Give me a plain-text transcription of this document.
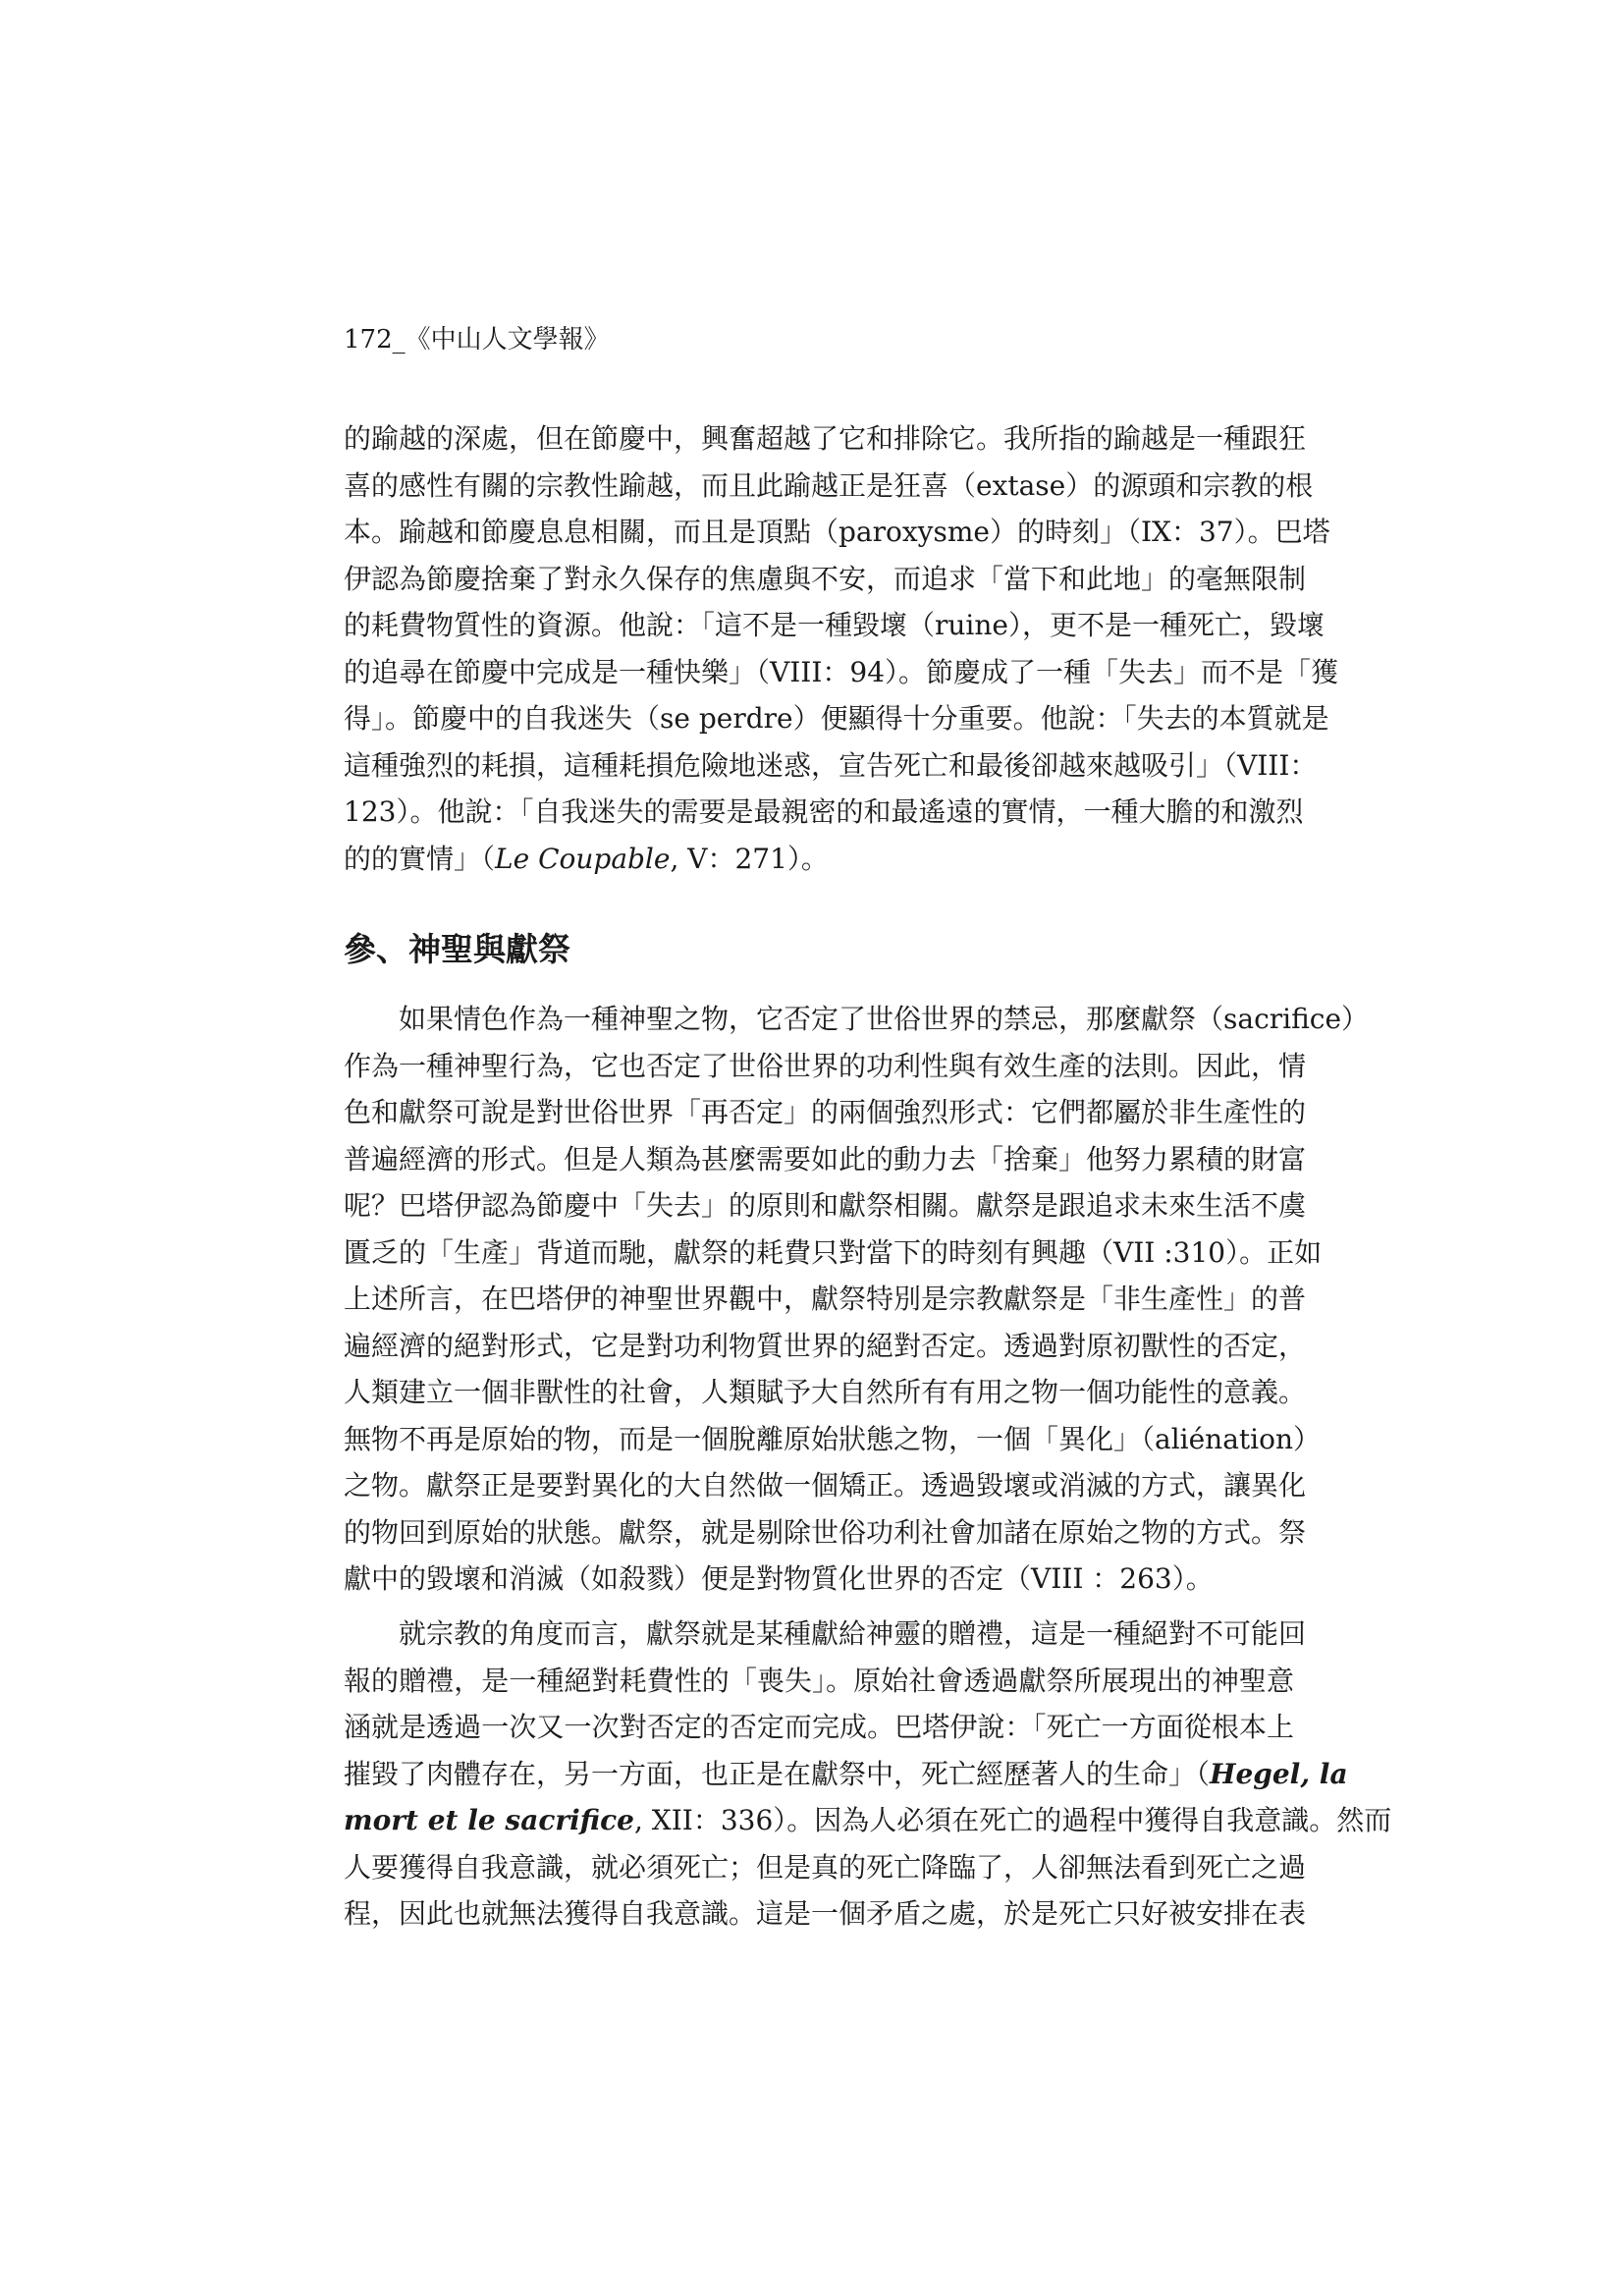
172_《中山人文學報》
的踰越的深處，但在節慶中，興奮超越了它和排除它。我所指的踰越是一種跟狂
喜的感性有關的宗教性踰越，而且此踰越正是狂喜（extase）的源頭和宗教的根
本。踰越和節慶息息相關，而且是頂點（paroxysme）的時刻」（IX：37）。巴塔
伊認為節慶捨棄了對永久保存的焦慮與不安，而追求「當下和此地」的毫無限制
的耗費物質性的資源。他說：「這不是一種毀壞（ruine），更不是一種死亡，毀壞
的追尋在節慶中完成是一種快樂」（VIII：94）。節慶成了一種「失去」而不是「獲
得」。節慶中的自我迷失（se perdre）便顯得十分重要。他說：「失去的本質就是
這種強烈的耗損，這種耗損危險地迷惑，宣告死亡和最後卻越來越吸引」（VIII：
123）。他說：「自我迷失的需要是最親密的和最遙遠的實情，一種大膽的和激烈
的的實情」（Le Coupable, V：271）。
參、神聖與獻祭
如果情色作為一種神聖之物，它否定了世俗世界的禁忌，那麼獻祭（sacrifice）
作為一種神聖行為，它也否定了世俗世界的功利性與有效生產的法則。因此，情
色和獻祭可說是對世俗世界「再否定」的兩個強烈形式：它們都屬於非生產性的
普遍經濟的形式。但是人類為甚麼需要如此的動力去「捨棄」他努力累積的財富
呢？巴塔伊認為節慶中「失去」的原則和獻祭相關。獻祭是跟追求未來生活不虞
匱乏的「生產」背道而馳，獻祭的耗費只對當下的時刻有興趣（VII :310）。正如
上述所言，在巴塔伊的神聖世界觀中，獻祭特別是宗教獻祭是「非生產性」的普
遍經濟的絕對形式，它是對功利物質世界的絕對否定。透過對原初獸性的否定，
人類建立一個非獸性的社會，人類賦予大自然所有有用之物一個功能性的意義。
無物不再是原始的物，而是一個脫離原始狀態之物，一個「異化」（aliénation）
之物。獻祭正是要對異化的大自然做一個矯正。透過毀壞或消滅的方式，讓異化
的物回到原始的狀態。獻祭，就是剔除世俗功利社會加諸在原始之物的方式。祭
獻中的毀壞和消滅（如殺戮）便是對物質化世界的否定（VIII ：263）。
就宗教的角度而言，獻祭就是某種獻給神靈的贈禮，這是一種絕對不可能回
報的贈禮，是一種絕對耗費性的「喪失」。原始社會透過獻祭所展現出的神聖意
涵就是透過一次又一次對否定的否定而完成。巴塔伊說：「死亡一方面從根本上
摧毀了肉體存在，另一方面，也正是在獻祭中，死亡經歷著人的生命」（Hegel, la
mort et le sacrifice, XII：336）。因為人必須在死亡的過程中獲得自我意識。然而
人要獲得自我意識，就必須死亡；但是真的死亡降臨了，人卻無法看到死亡之過
程，因此也就無法獲得自我意識。這是一個矛盾之處，於是死亡只好被安排在表
